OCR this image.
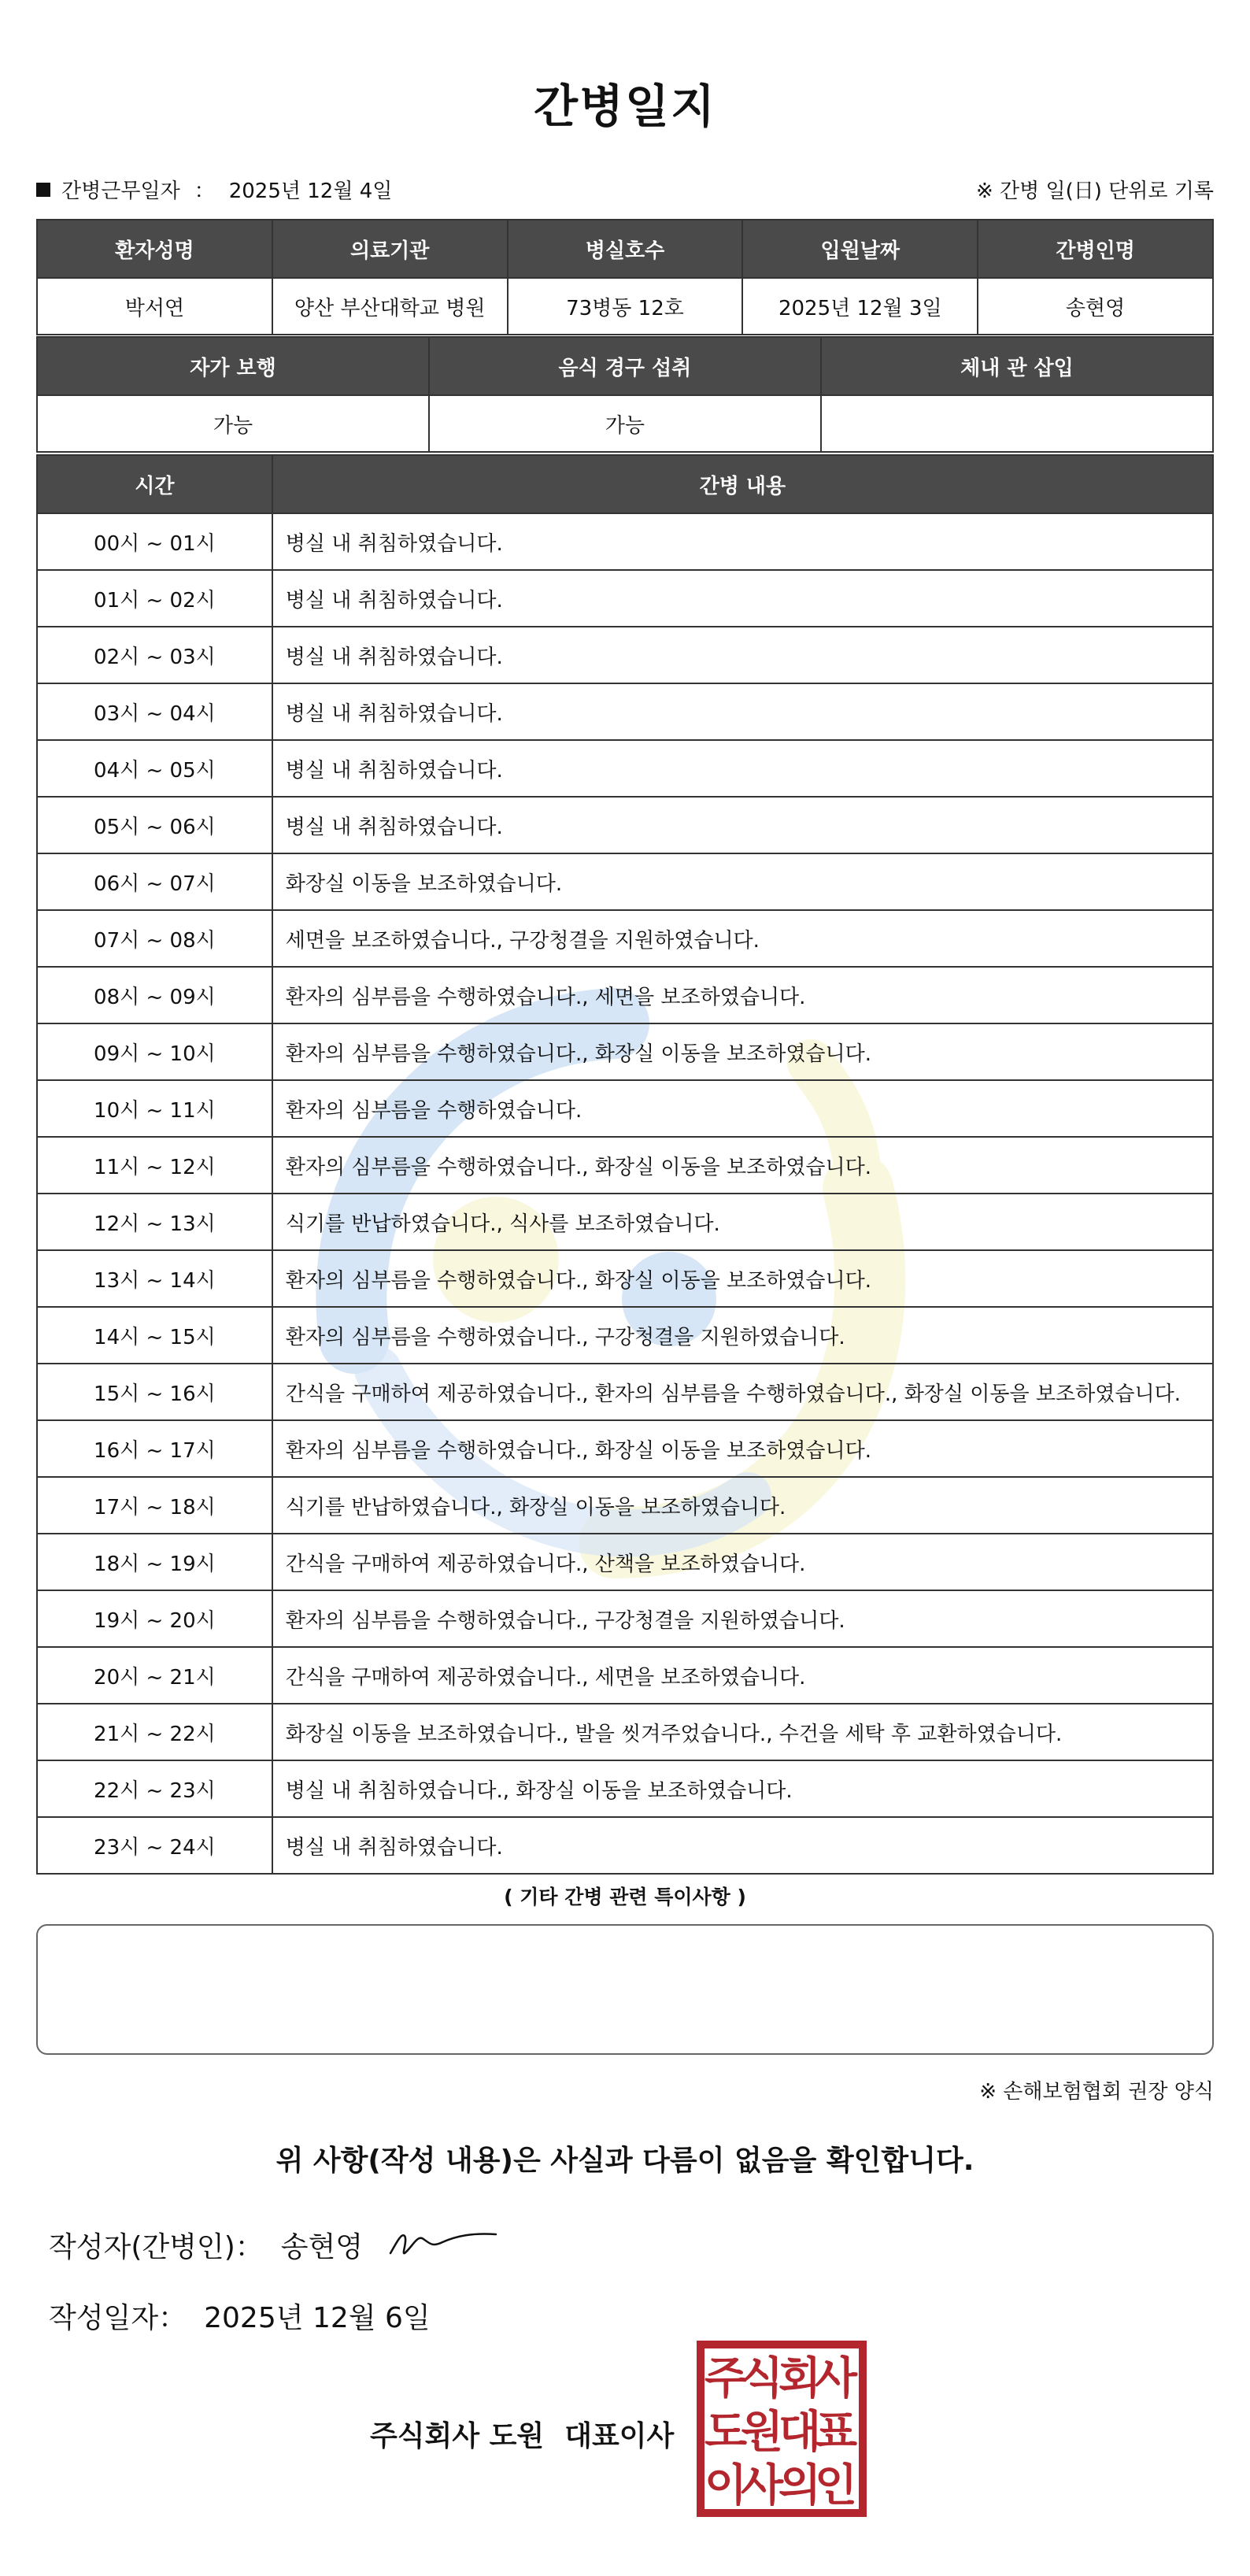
간병일지
간병근무일자 ： 2025년 12월 4일	※ 간병 일(日) 단위로 기록
환자성명	의료기관	병실호수	입원날짜	간병인명
박서연	양산 부산대학교 병원	73병동 12호	2025년 12월 3일	송현영
자가 보행	음식 경구 섭취	체내 관 삽입
가능	가능	
시간	간병 내용
00시 ~ 01시	병실 내 취침하였습니다.
01시 ~ 02시	병실 내 취침하였습니다.
02시 ~ 03시	병실 내 취침하였습니다.
03시 ~ 04시	병실 내 취침하였습니다.
04시 ~ 05시	병실 내 취침하였습니다.
05시 ~ 06시	병실 내 취침하였습니다.
06시 ~ 07시	화장실 이동을 보조하였습니다.
07시 ~ 08시	세면을 보조하였습니다., 구강청결을 지원하였습니다.
08시 ~ 09시	환자의 심부름을 수행하였습니다., 세면을 보조하였습니다.
09시 ~ 10시	환자의 심부름을 수행하였습니다., 화장실 이동을 보조하였습니다.
10시 ~ 11시	환자의 심부름을 수행하였습니다.
11시 ~ 12시	환자의 심부름을 수행하였습니다., 화장실 이동을 보조하였습니다.
12시 ~ 13시	식기를 반납하였습니다., 식사를 보조하였습니다.
13시 ~ 14시	환자의 심부름을 수행하였습니다., 화장실 이동을 보조하였습니다.
14시 ~ 15시	환자의 심부름을 수행하였습니다., 구강청결을 지원하였습니다.
15시 ~ 16시	간식을 구매하여 제공하였습니다., 환자의 심부름을 수행하였습니다., 화장실 이동을 보조하였습니다.
16시 ~ 17시	환자의 심부름을 수행하였습니다., 화장실 이동을 보조하였습니다.
17시 ~ 18시	식기를 반납하였습니다., 화장실 이동을 보조하였습니다.
18시 ~ 19시	간식을 구매하여 제공하였습니다., 산책을 보조하였습니다.
19시 ~ 20시	환자의 심부름을 수행하였습니다., 구강청결을 지원하였습니다.
20시 ~ 21시	간식을 구매하여 제공하였습니다., 세면을 보조하였습니다.
21시 ~ 22시	화장실 이동을 보조하였습니다., 발을 씻겨주었습니다., 수건을 세탁 후 교환하였습니다.
22시 ~ 23시	병실 내 취침하였습니다., 화장실 이동을 보조하였습니다.
23시 ~ 24시	병실 내 취침하였습니다.
( 기타 간병 관련 특이사항 )
※ 손해보험협회 권장 양식
위 사항(작성 내용)은 사실과 다름이 없음을 확인합니다.
작성자(간병인)： 송현영
작성일자： 2025년 12월 6일
주식회사 도원 대표이사
주
식
회
사
도
원
대
표
이
사
의
인
